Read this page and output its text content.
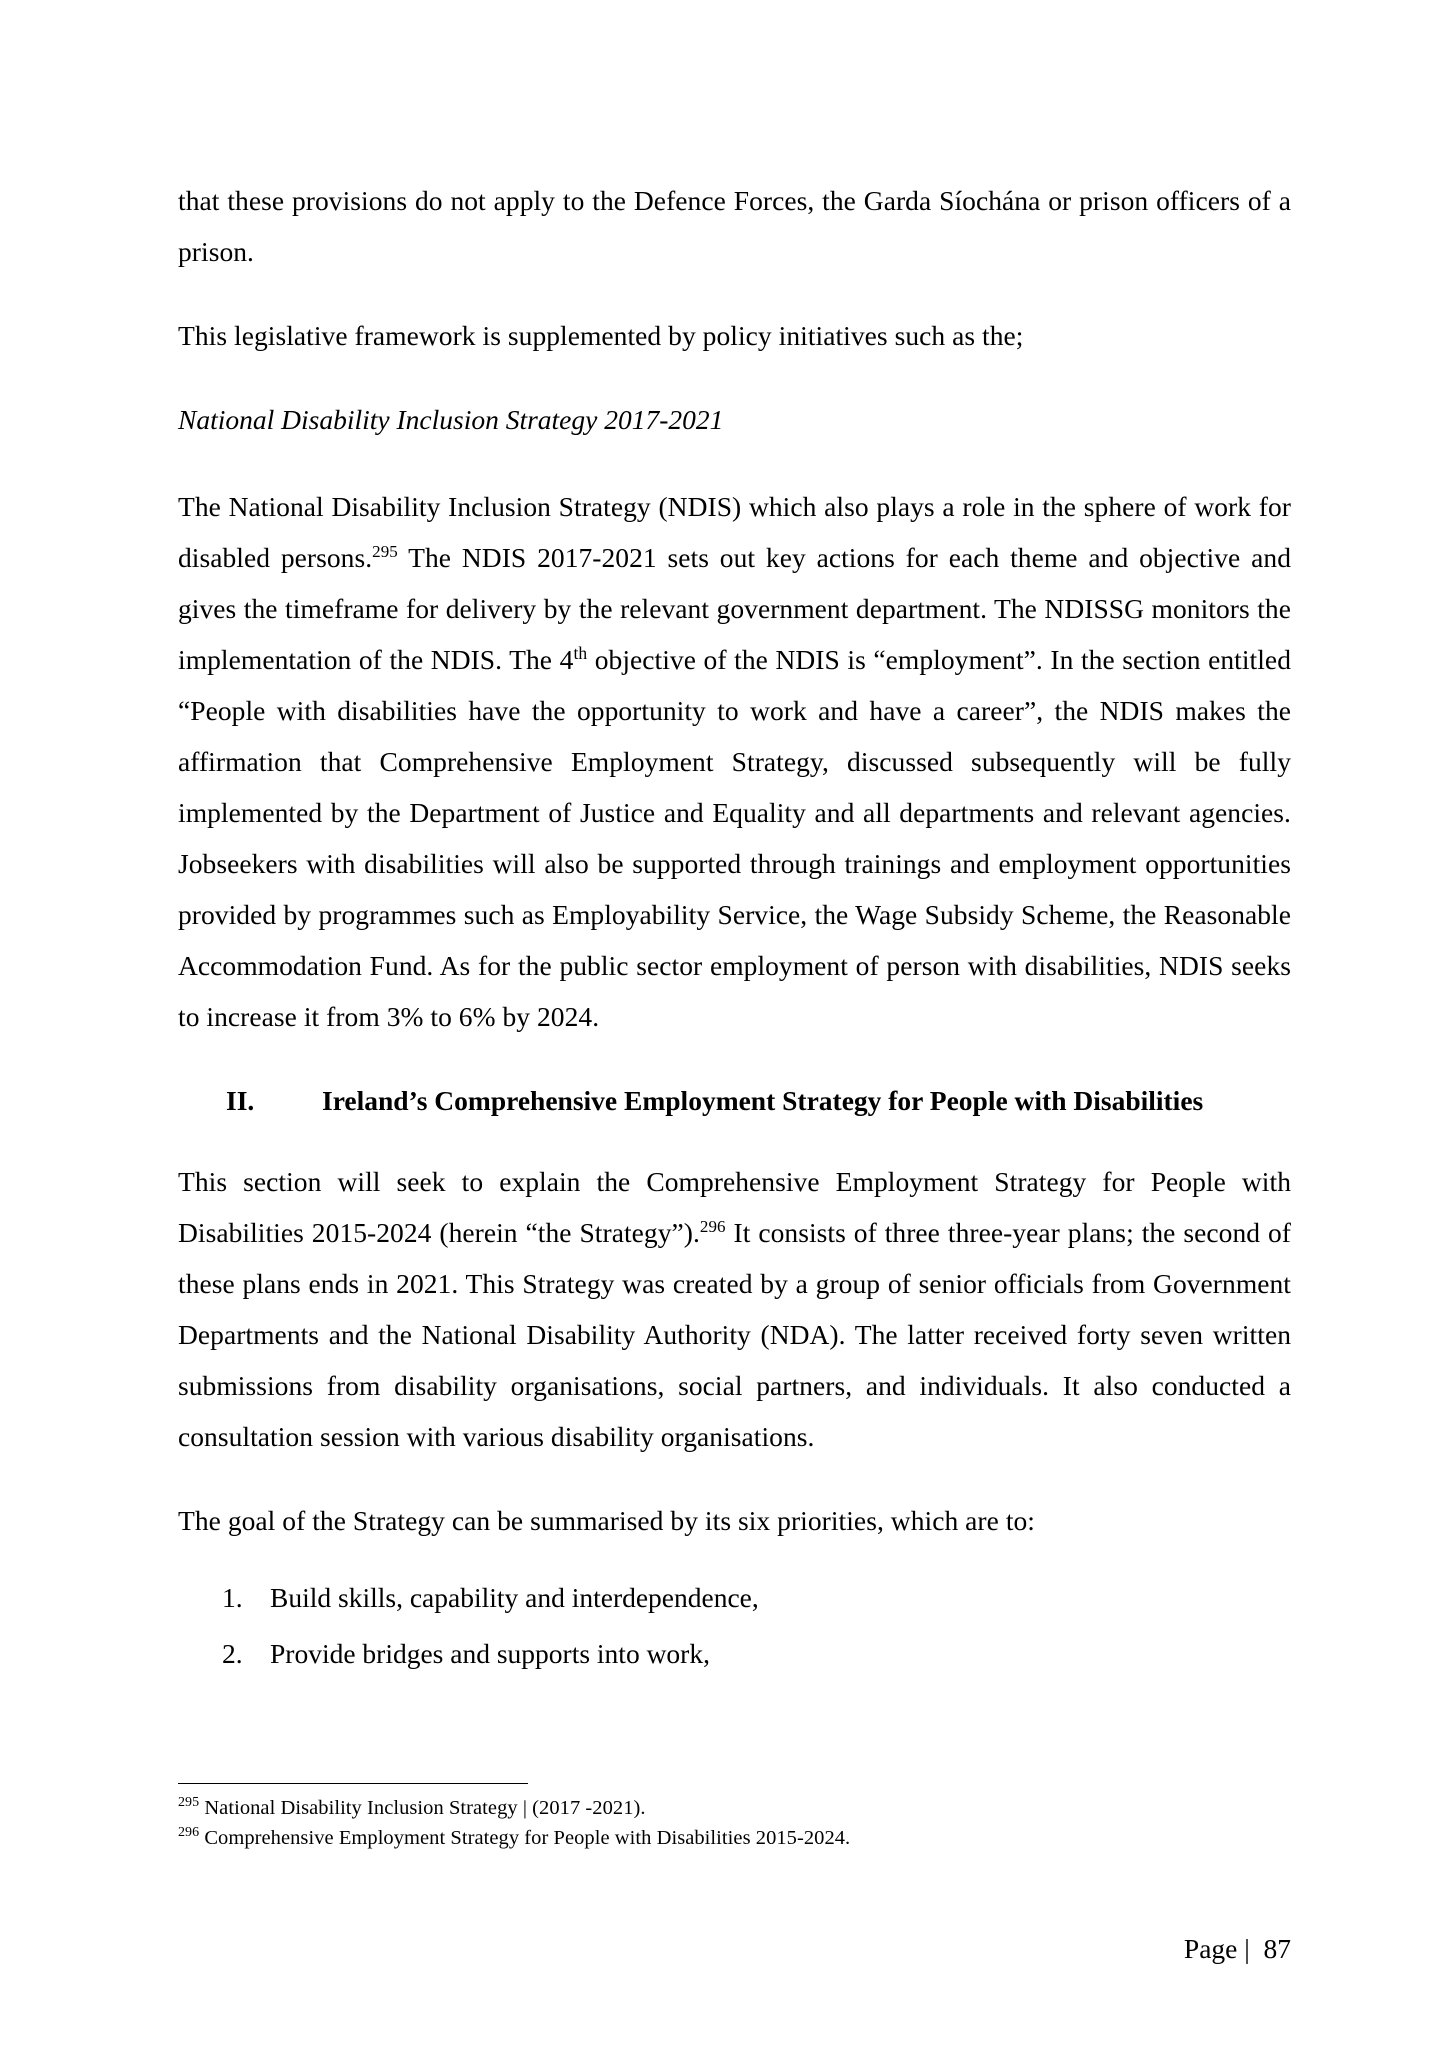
that these provisions do not apply to the Defence Forces, the Garda Síochána or prison officers of a prison.

This legislative framework is supplemented by policy initiatives such as the;

National Disability Inclusion Strategy 2017-2021

The National Disability Inclusion Strategy (NDIS) which also plays a role in the sphere of work for disabled persons.$^{295}$ The NDIS 2017-2021 sets out key actions for each theme and objective and gives the timeframe for delivery by the relevant government department. The NDISSG monitors the implementation of the NDIS. The 4th objective of the NDIS is “employment”. In the section entitled “People with disabilities have the opportunity to work and have a career”, the NDIS makes the affirmation that Comprehensive Employment Strategy, discussed subsequently will be fully implemented by the Department of Justice and Equality and all departments and relevant agencies. Jobseekers with disabilities will also be supported through trainings and employment opportunities provided by programmes such as Employability Service, the Wage Subsidy Scheme, the Reasonable Accommodation Fund. As for the public sector employment of person with disabilities, NDIS seeks to increase it from 3% to 6% by 2024.

II. Ireland’s Comprehensive Employment Strategy for People with Disabilities

This section will seek to explain the Comprehensive Employment Strategy for People with Disabilities 2015-2024 (herein “the Strategy”).$^{296}$ It consists of three three-year plans; the second of these plans ends in 2021. This Strategy was created by a group of senior officials from Government Departments and the National Disability Authority (NDA). The latter received forty seven written submissions from disability organisations, social partners, and individuals. It also conducted a consultation session with various disability organisations.

The goal of the Strategy can be summarised by its six priorities, which are to:

1. Build skills, capability and interdependence,
2. Provide bridges and supports into work,

$^{295}$ National Disability Inclusion Strategy | (2017 -2021).

$^{296}$ Comprehensive Employment Strategy for People with Disabilities 2015-2024.

Page |  87
